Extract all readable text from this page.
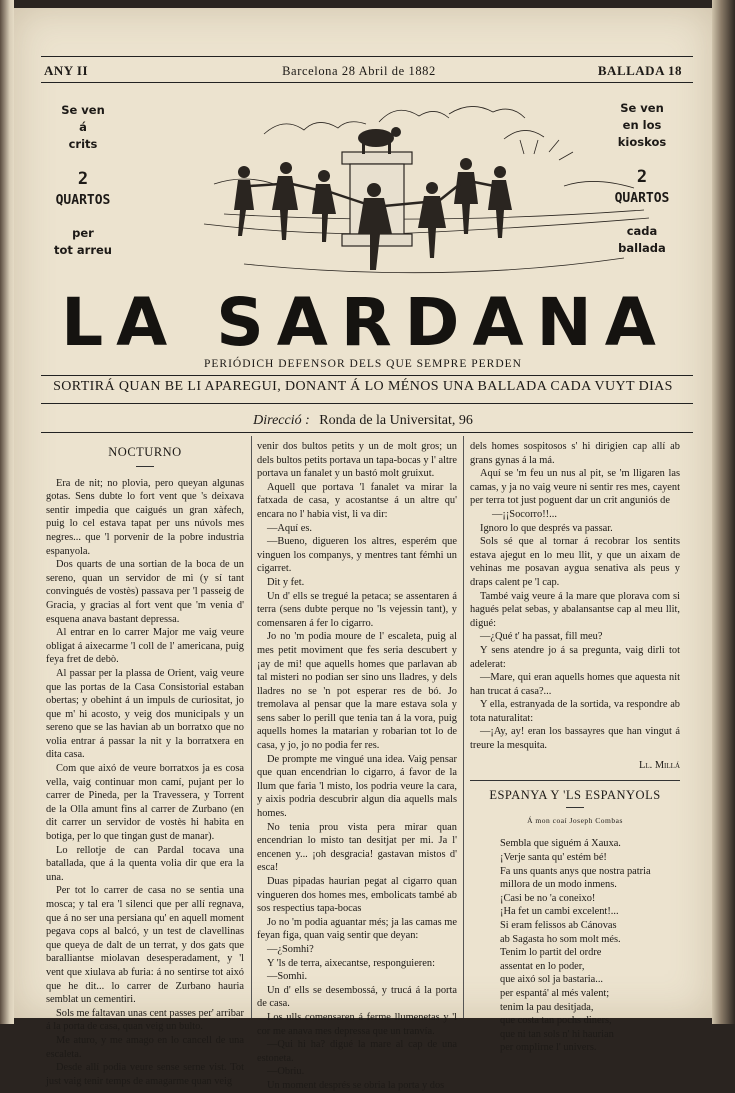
ANY II	Barcelona 28 Abril de 1882	BALLADA 18
Se ven
á
crits
2
QUARTOS
per
tot arreu
Se ven
en los
kioskos
2
QUARTOS
cada
ballada
LA SARDANA
PERIÓDICH DEFENSOR DELS QUE SEMPRE PERDEN
SORTIRÁ QUAN BE LI APAREGUI, DONANT Á LO MÉNOS UNA BALLADA CADA VUYT DIAS
Direcció : Ronda de la Universitat, 96
NOCTURNO

Era de nit; no plovia, pero queyan algunas gotas. Sens dubte lo fort vent que 's deixava sentir impedia que caigués un gran xàfech, puig lo cel estava tapat per uns núvols mes negres... que 'l porvenir de la pobre industria espanyola.

Dos quarts de una sortian de la boca de un sereno, quan un servidor de mi (y sí tant convingués de vostès) passava per 'l passeig de Gracia, y gracias al fort vent que 'm venia d' esquena anava bastant depressa.

Al entrar en lo carrer Major me vaig veure obligat á aixecarme 'l coll de l' americana, puig feya fret de debò.

Al passar per la plassa de Orient, vaig veure que las portas de la Casa Consistorial estaban obertas; y obehint á un impuls de curiositat, jo que m' hi acosto, y veig dos municipals y un sereno que se las havian ab un borratxo que no volia entrar á passar la nit y la borratxera en dita casa.

Com que aixó de veure borratxos ja es cosa vella, vaig continuar mon camí, pujant per lo carrer de Pineda, per la Travessera, y Torrent de la Olla amunt fins al carrer de Zurbano (en dit carrer un servidor de vostès hi habita en botiga, per lo que tingan gust de manar).

Lo rellotje de can Pardal tocava una batallada, que á la quenta volia dir que era la una.

Per tot lo carrer de casa no se sentia una mosca; y tal era 'l silenci que per allí regnava, que á no ser una persiana qu' en aquell moment pegava cops al balcó, y un test de clavellinas que queya de dalt de un terrat, y dos gats que baralliantse miolavan desesperadament, y 'l vent que xiulava ab furia: á no sentirse tot aixó que he dit... lo carrer de Zurbano hauria semblat un cementiri.

Sols me faltavan unas cent passes per' arribar á la porta de casa, quan veig un bulto.

Me aturo, y me amago en lo cancell de una escaleta.

Desde allí podia veure sense serne vist. Tot just vaig tenir temps de amagarme quan veig

venir dos bultos petits y un de molt gros; un dels bultos petits portava un tapa-bocas y l' altre portava un fanalet y un bastó molt gruixut.

Aquell que portava 'l fanalet va mirar la fatxada de casa, y acostantse á un altre qu' encara no l' habia vist, li va dir:

—Aquí es.

—Bueno, digueren los altres, esperém que vinguen los companys, y mentres tant fémhi un cigarret.

Dit y fet.

Un d' ells se tregué la petaca; se assentaren á terra (sens dubte perque no 'ls vejessin tant), y comensaren á fer lo cigarro.

Jo no 'm podia moure de l' escaleta, puig al mes petit moviment que fes seria descubert y ¡ay de mi! que aquells homes que parlavan ab tal misteri no podian ser sino uns lladres, y dels lladres no se 'n pot esperar res de bó. Jo tremolava al pensar que la mare estava sola y sens saber lo perill que tenia tan á la vora, puig aquells homes la matarian y robarian tot lo de casa, y jo, jo no podia fer res.

De prompte me vingué una idea. Vaig pensar que quan encendrian lo cigarro, á favor de la llum que faria 'l misto, los podria veure la cara, y aixis podria descubrir algun dia aquells mals homes.

No tenia prou vista pera mirar quan encendrian lo misto tan desitjat per mi. Ja l' encenen y... ¡oh desgracia! gastavan mistos d' esca!

Duas pipadas haurian pegat al cigarro quan vingueren dos homes mes, embolicats també ab sos respectius tapa-bocas

Jo no 'm podia aguantar més; ja las camas me feyan figa, quan vaig sentir que deyan:

—¿Somhi?

Y 'ls de terra, aixecantse, responguieren:

—Somhi.

Un d' ells se desembossá, y trucá á la porta de casa.

Los ulls comensaren á ferme llumenetas y 'l cor me anava mes depressa que un tranvía.

—Qui hi ha? digué la mare al cap de una estoneta.

—Obriu.

Un moment després se obria la porta y dos

dels homes sospitosos s' hi dirigien cap allí ab grans gynas á la má.

Aquí se 'm feu un nus al pit, se 'm lligaren las camas, y ja no vaig veure ni sentir res mes, cayent per terra tot just poguent dar un crit anguniós de

—¡¡Socorro!!...

Ignoro lo que després va passar.

Sols sé que al tornar á recobrar los sentits estava ajegut en lo meu llit, y que un aixam de vehinas me posavan aygua senativa als peus y draps calent pe 'l cap.

També vaig veure á la mare que plorava com si hagués pelat sebas, y abalansantse cap al meu llit, digué:

—¿Qué t' ha passat, fill meu?

Y sens atendre jo á sa pregunta, vaig dirli tot adelerat:

—Mare, qui eran aquells homes que aquesta nit han trucat á casa?...

Y ella, estranyada de la sortida, va respondre ab tota naturalitat:

—¡Ay, ay! eran los bassayres que han vingut á treure la mesquita.

Ll. Millá
ESPANYA Y 'LS ESPANYOLS
Á mon coaí Joseph Combas

Sembla que siguém á Xauxa.

¡Verje santa qu' estém bé!

Fa uns quants anys que nostra patria

millora de un modo inmens.

¡Casi be no 'a coneixo!

¡Ha fet un cambi excelent!...

Si eram felissos ab Cánovas

ab Sagasta ho som molt més.

Tenim lo partit del ordre

assentat en lo poder,

que aixó sol ja bastaria...

per espantá' al més valent;

tenim la pau desitjada,

que costa tan pochs diners,

que ni tan sols n' hi haurian

per omplirne l' univers.
